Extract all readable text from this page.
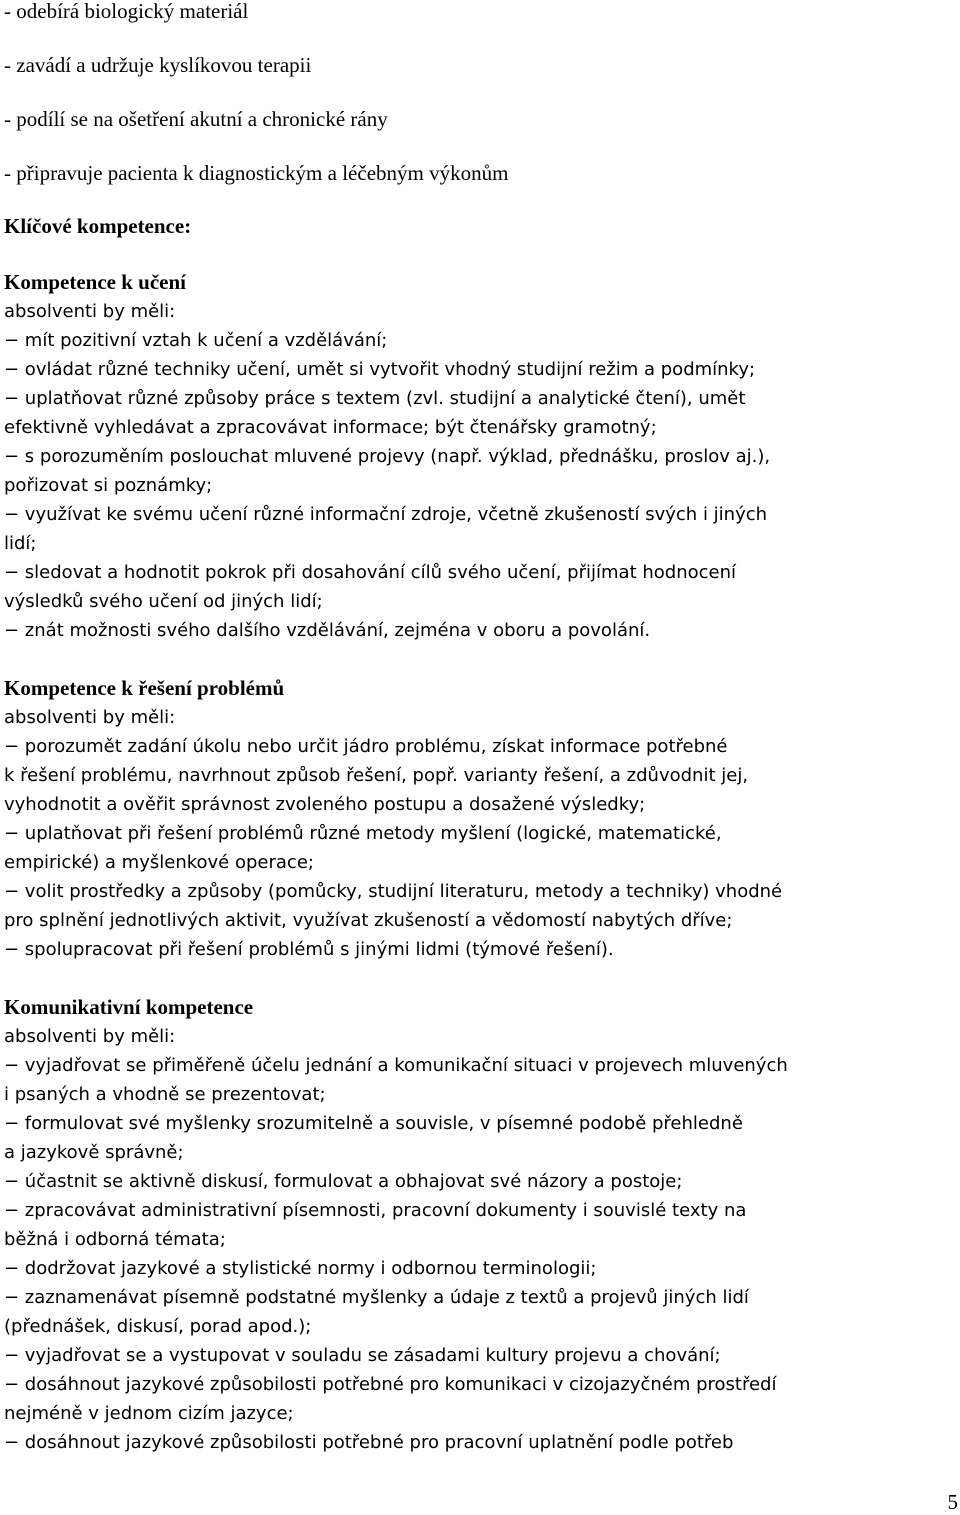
- odebírá biologický materiál
- zavádí a udržuje kyslíkovou terapii
- podílí se na ošetření akutní a chronické rány
- připravuje pacienta k diagnostickým a léčebným výkonům
Klíčové kompetence:
Kompetence k učení
absolventi by měli:
− mít pozitivní vztah k učení a vzdělávání;
− ovládat různé techniky učení, umět si vytvořit vhodný studijní režim a podmínky;
− uplatňovat různé způsoby práce s textem (zvl. studijní a analytické čtení), umět
efektivně vyhledávat a zpracovávat informace; být čtenářsky gramotný;
− s porozuměním poslouchat mluvené projevy (např. výklad, přednášku, proslov aj.),
pořizovat si poznámky;
− využívat ke svému učení různé informační zdroje, včetně zkušeností svých i jiných
lidí;
− sledovat a hodnotit pokrok při dosahování cílů svého učení, přijímat hodnocení
výsledků svého učení od jiných lidí;
− znát možnosti svého dalšího vzdělávání, zejména v oboru a povolání.
Kompetence k řešení problémů
absolventi by měli:
− porozumět zadání úkolu nebo určit jádro problému, získat informace potřebné
k řešení problému, navrhnout způsob řešení, popř. varianty řešení, a zdůvodnit jej,
vyhodnotit a ověřit správnost zvoleného postupu a dosažené výsledky;
− uplatňovat při řešení problémů různé metody myšlení (logické, matematické,
empirické) a myšlenkové operace;
− volit prostředky a způsoby (pomůcky, studijní literaturu, metody a techniky) vhodné
pro splnění jednotlivých aktivit, využívat zkušeností a vědomostí nabytých dříve;
− spolupracovat při řešení problémů s jinými lidmi (týmové řešení).
Komunikativní kompetence
absolventi by měli:
− vyjadřovat se přiměřeně účelu jednání a komunikační situaci v projevech mluvených
i psaných a vhodně se prezentovat;
− formulovat své myšlenky srozumitelně a souvisle, v písemné podobě přehledně
a jazykově správně;
− účastnit se aktivně diskusí, formulovat a obhajovat své názory a postoje;
− zpracovávat administrativní písemnosti, pracovní dokumenty i souvislé texty na
běžná i odborná témata;
− dodržovat jazykové a stylistické normy i odbornou terminologii;
− zaznamenávat písemně podstatné myšlenky a údaje z textů a projevů jiných lidí
(přednášek, diskusí, porad apod.);
− vyjadřovat se a vystupovat v souladu se zásadami kultury projevu a chování;
− dosáhnout jazykové způsobilosti potřebné pro komunikaci v cizojazyčném prostředí
nejméně v jednom cizím jazyce;
− dosáhnout jazykové způsobilosti potřebné pro pracovní uplatnění podle potřeb
5
